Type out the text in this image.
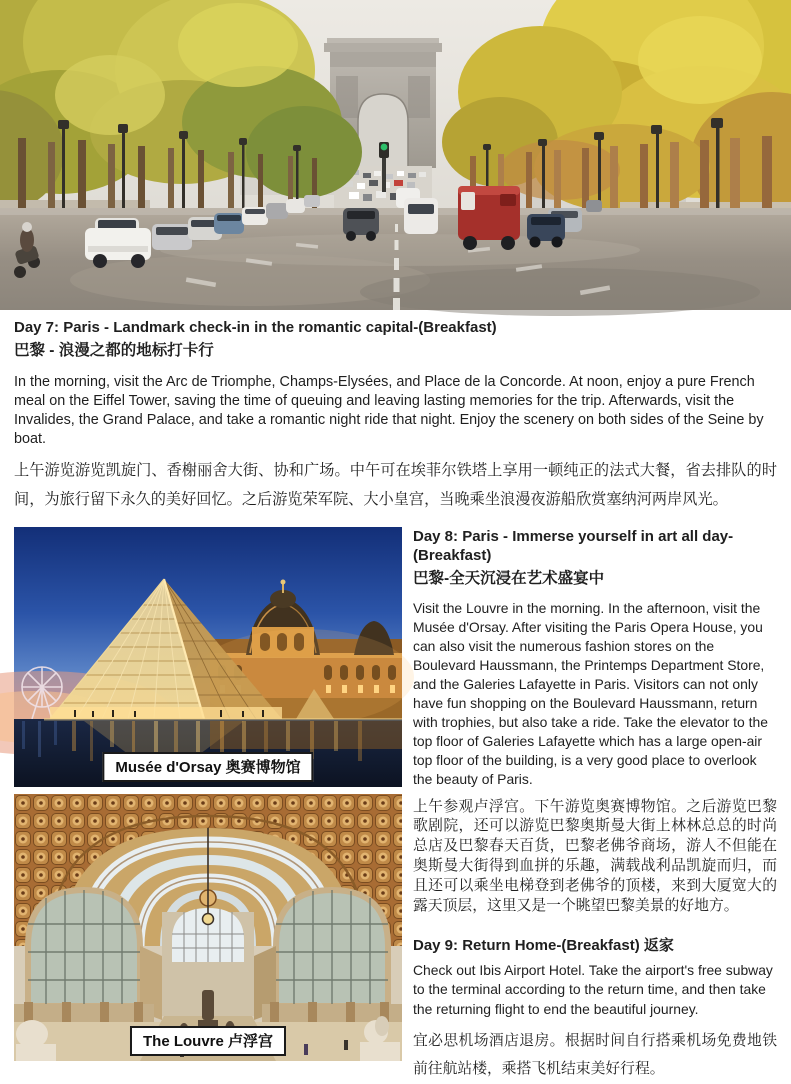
Day 7: Paris - Landmark check-in in the romantic capital-(Breakfast)
巴黎 - 浪漫之都的地标打卡行

In the morning, visit the Arc de Triomphe, Champs-Elysées, and Place de la Concorde. At noon, enjoy a pure French meal on the Eiffel Tower, saving the time of queuing and leaving lasting memories for the trip. Afterwards, visit the Invalides, the Grand Palace, and take a romantic night ride that night. Enjoy the scenery on both sides of the Seine by boat.

上午游览游览凯旋门、香榭丽舍大街、协和广场。中午可在埃菲尔铁塔上享用一顿纯正的法式大餐，省去排队的时间，为旅行留下永久的美好回忆。之后游览荣军院、大小皇宫，当晚乘坐浪漫夜游船欣赏塞纳河两岸风光。

Musée d'Orsay 奥赛博物馆
The Louvre 卢浮宫
Day 8: Paris - Immerse yourself in art all day-(Breakfast)
巴黎-全天沉浸在艺术盛宴中

Visit the Louvre in the morning. In the afternoon, visit the Musée d'Orsay. After visiting the Paris Opera House, you can also visit the numerous fashion stores on the Boulevard Haussmann, the Printemps Department Store, and the Galeries Lafayette in Paris. Visitors can not only have fun shopping on the Boulevard Haussmann, return with trophies, but also take a ride. Take the elevator to the top floor of Galeries Lafayette which has a large open-air top floor of the building, is a very good place to overlook the beauty of Paris.

上午参观卢浮宫。下午游览奥赛博物馆。之后游览巴黎歌剧院，还可以游览巴黎奥斯曼大街上林林总总的时尚总店及巴黎春天百货，巴黎老佛爷商场，游人不但能在奥斯曼大街得到血拼的乐趣，满载战利品凯旋而归，而且还可以乘坐电梯登到老佛爷的顶楼，来到大厦宽大的露天顶层，这里又是一个眺望巴黎美景的好地方。

Day 9: Return Home-(Breakfast) 返家

Check out Ibis Airport Hotel. Take the airport's free subway to the terminal according to the return time, and then take the returning flight to end the beautiful journey.

宜必思机场酒店退房。根据时间自行搭乘机场免费地铁前往航站楼，乘搭飞机结束美好行程。
